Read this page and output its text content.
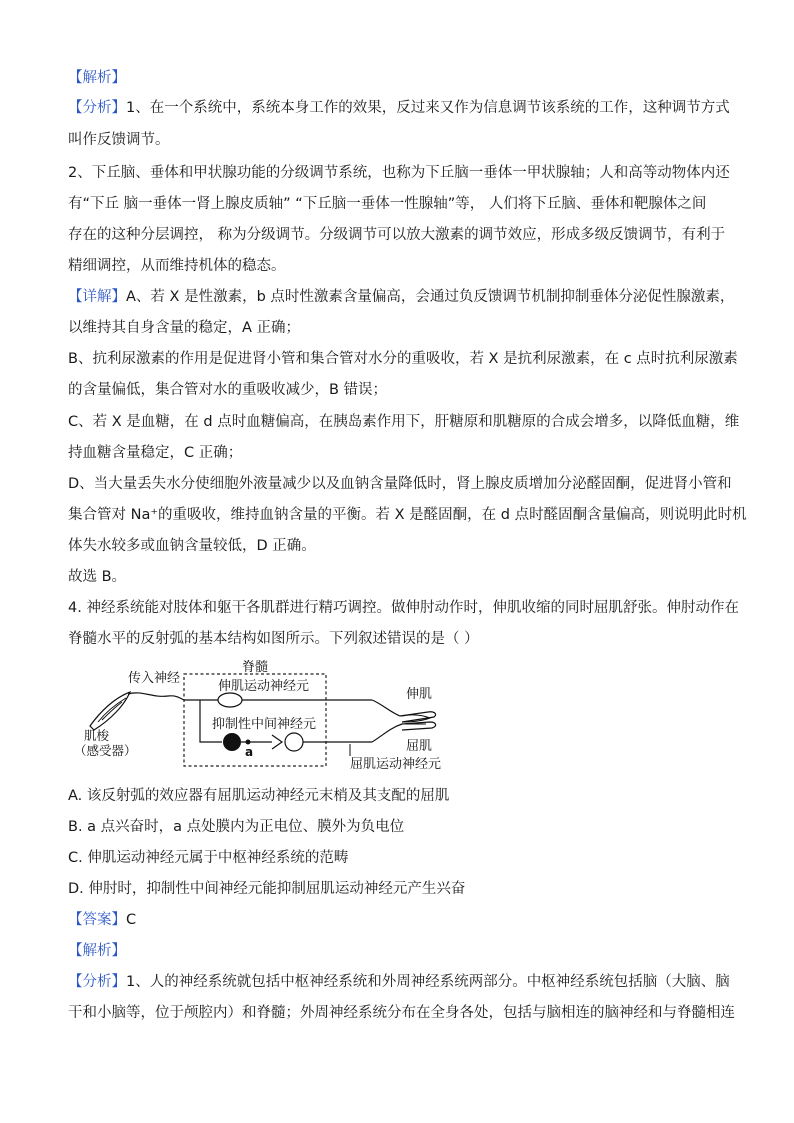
【解析】
【分析】1、在一个系统中，系统本身工作的效果，反过来又作为信息调节该系统的工作，这种调节方式
叫作反馈调节。
2、下丘脑、垂体和甲状腺功能的分级调节系统，也称为下丘脑一垂体一甲状腺轴；人和高等动物体内还
有“下丘 脑一垂体一肾上腺皮质轴” “下丘脑一垂体一性腺轴”等， 人们将下丘脑、垂体和靶腺体之间
存在的这种分层调控， 称为分级调节。分级调节可以放大激素的调节效应，形成多级反馈调节，有利于
精细调控，从而维持机体的稳态。
【详解】A、若 X 是性激素，b 点时性激素含量偏高，会通过负反馈调节机制抑制垂体分泌促性腺激素，
以维持其自身含量的稳定，A 正确；
B、抗利尿激素的作用是促进肾小管和集合管对水分的重吸收，若 X 是抗利尿激素，在 c 点时抗利尿激素
的含量偏低，集合管对水的重吸收减少，B 错误；
C、若 X 是血糖，在 d 点时血糖偏高，在胰岛素作用下，肝糖原和肌糖原的合成会增多，以降低血糖，维
持血糖含量稳定，C 正确；
D、当大量丢失水分使细胞外液量减少以及血钠含量降低时，肾上腺皮质增加分泌醛固酮，促进肾小管和
集合管对 Na⁺的重吸收，维持血钠含量的平衡。若 X 是醛固酮，在 d 点时醛固酮含量偏高，则说明此时机
体失水较多或血钠含量较低，D 正确。
故选 B。
4. 神经系统能对肢体和躯干各肌群进行精巧调控。做伸肘动作时，伸肌收缩的同时屈肌舒张。伸肘动作在
脊髓水平的反射弧的基本结构如图所示。下列叙述错误的是（ ）
脊髓
肌梭
（感受器）
传入神经
伸肌运动神经元
抑制性中间神经元
a
屈肌运动神经元
伸肌
屈肌
A. 该反射弧的效应器有屈肌运动神经元末梢及其支配的屈肌
B. a 点兴奋时，a 点处膜内为正电位、膜外为负电位
C. 伸肌运动神经元属于中枢神经系统的范畴
D. 伸肘时，抑制性中间神经元能抑制屈肌运动神经元产生兴奋
【答案】C
【解析】
【分析】1、人的神经系统就包括中枢神经系统和外周神经系统两部分。中枢神经系统包括脑（大脑、脑
干和小脑等，位于颅腔内）和脊髓；外周神经系统分布在全身各处，包括与脑相连的脑神经和与脊髓相连
